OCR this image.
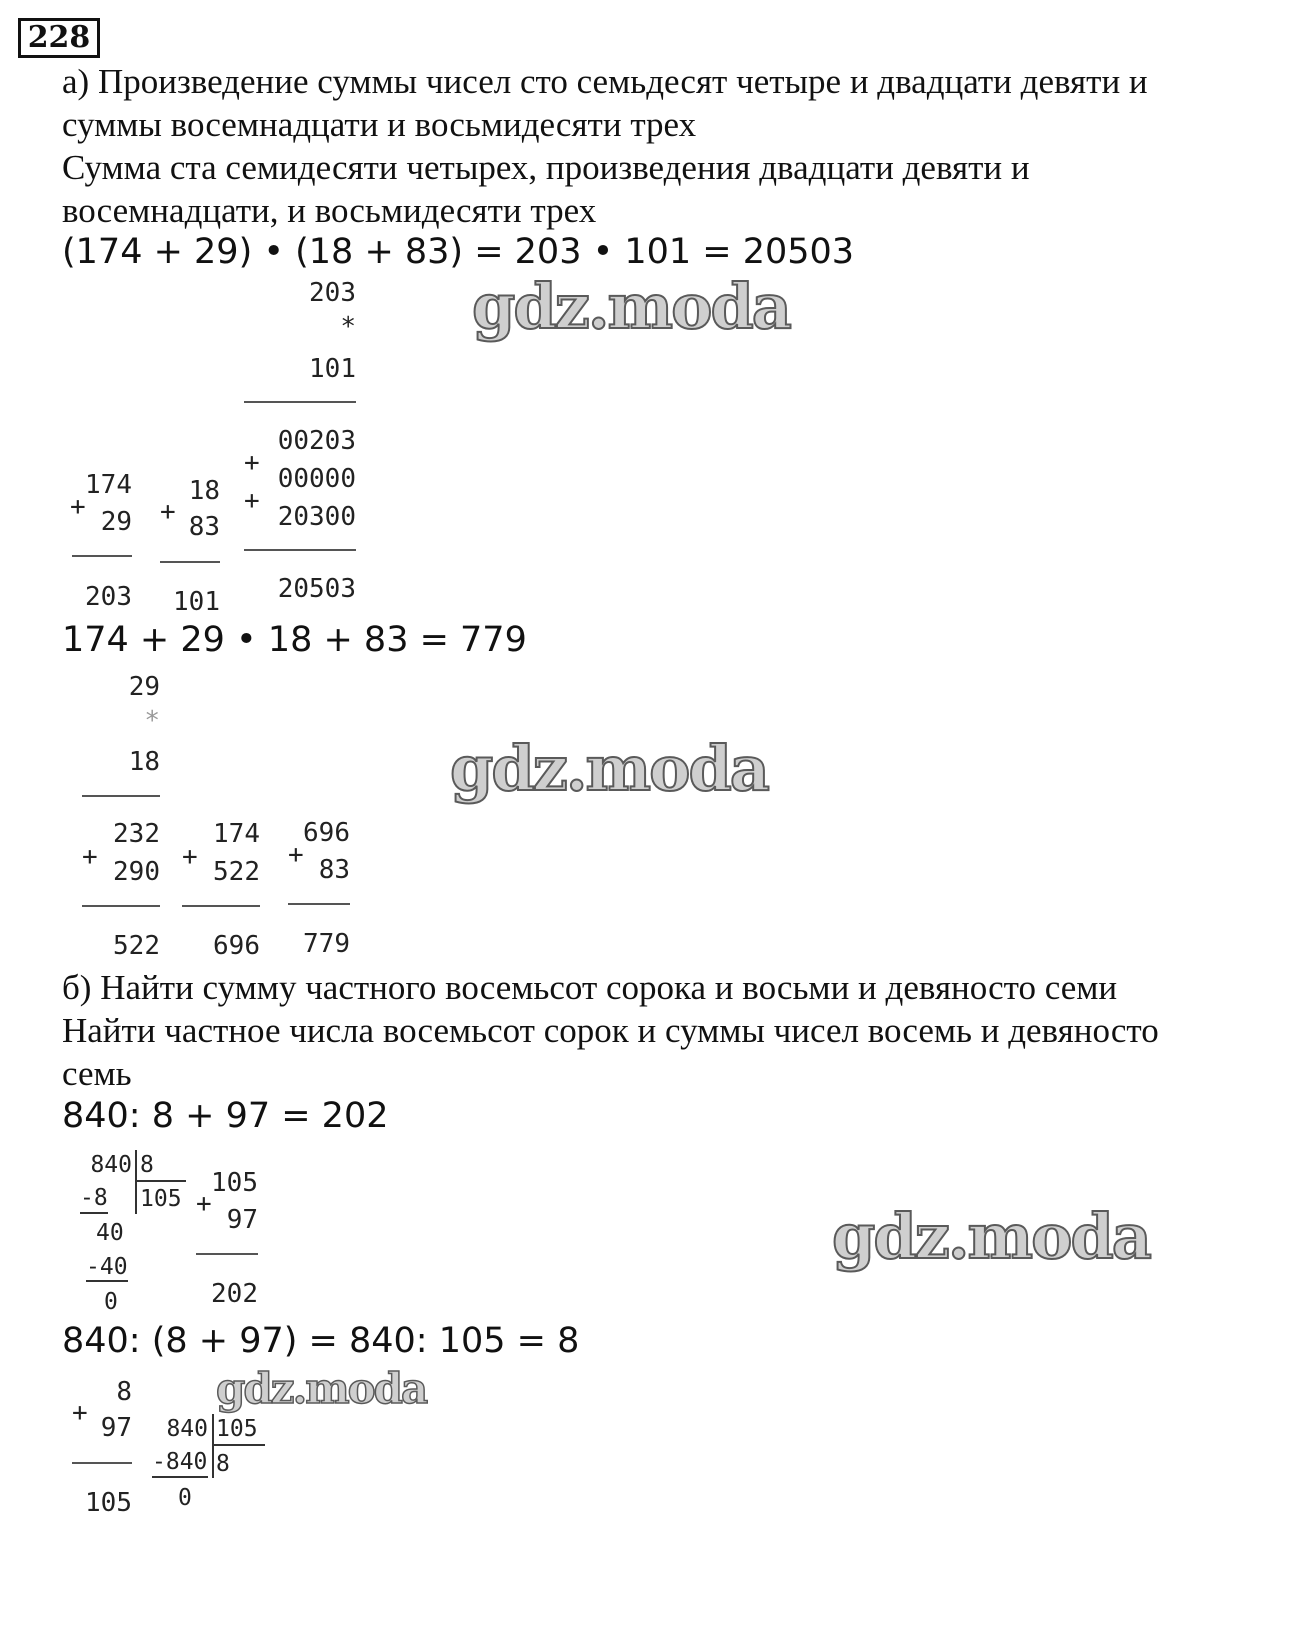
228
а) Произведение суммы чисел сто семьдесят четыре и двадцати девяти и
суммы восемнадцати и восьмидесяти трех
Сумма ста семидесяти четырех, произведения двадцати девяти и
восемнадцати, и восьмидесяти трех
(174 + 29) • (18 + 83) = 203 • 101 = 20503
gdz.moda
203
*
101
00203
+
00000
+
20300
20503
+
174
29
203
+
18
83
101
174 + 29 • 18 + 83 = 779
29
*
18	gdz.moda
+
232
290
522
+
174
522
696
+
696
83
779
б) Найти сумму частного восемьсот сорока и восьми и девяносто семи
Найти частное числа восемьсот сорок и суммы чисел восемь и девяносто
семь
840: 8 + 97 = 202
840 8
105
-8
40
-40
0
+
105
97
202
gdz.moda
840: (8 + 97) = 840: 105 = 8
gdz.moda
+
8
97
105
840 105
8
-840
0
